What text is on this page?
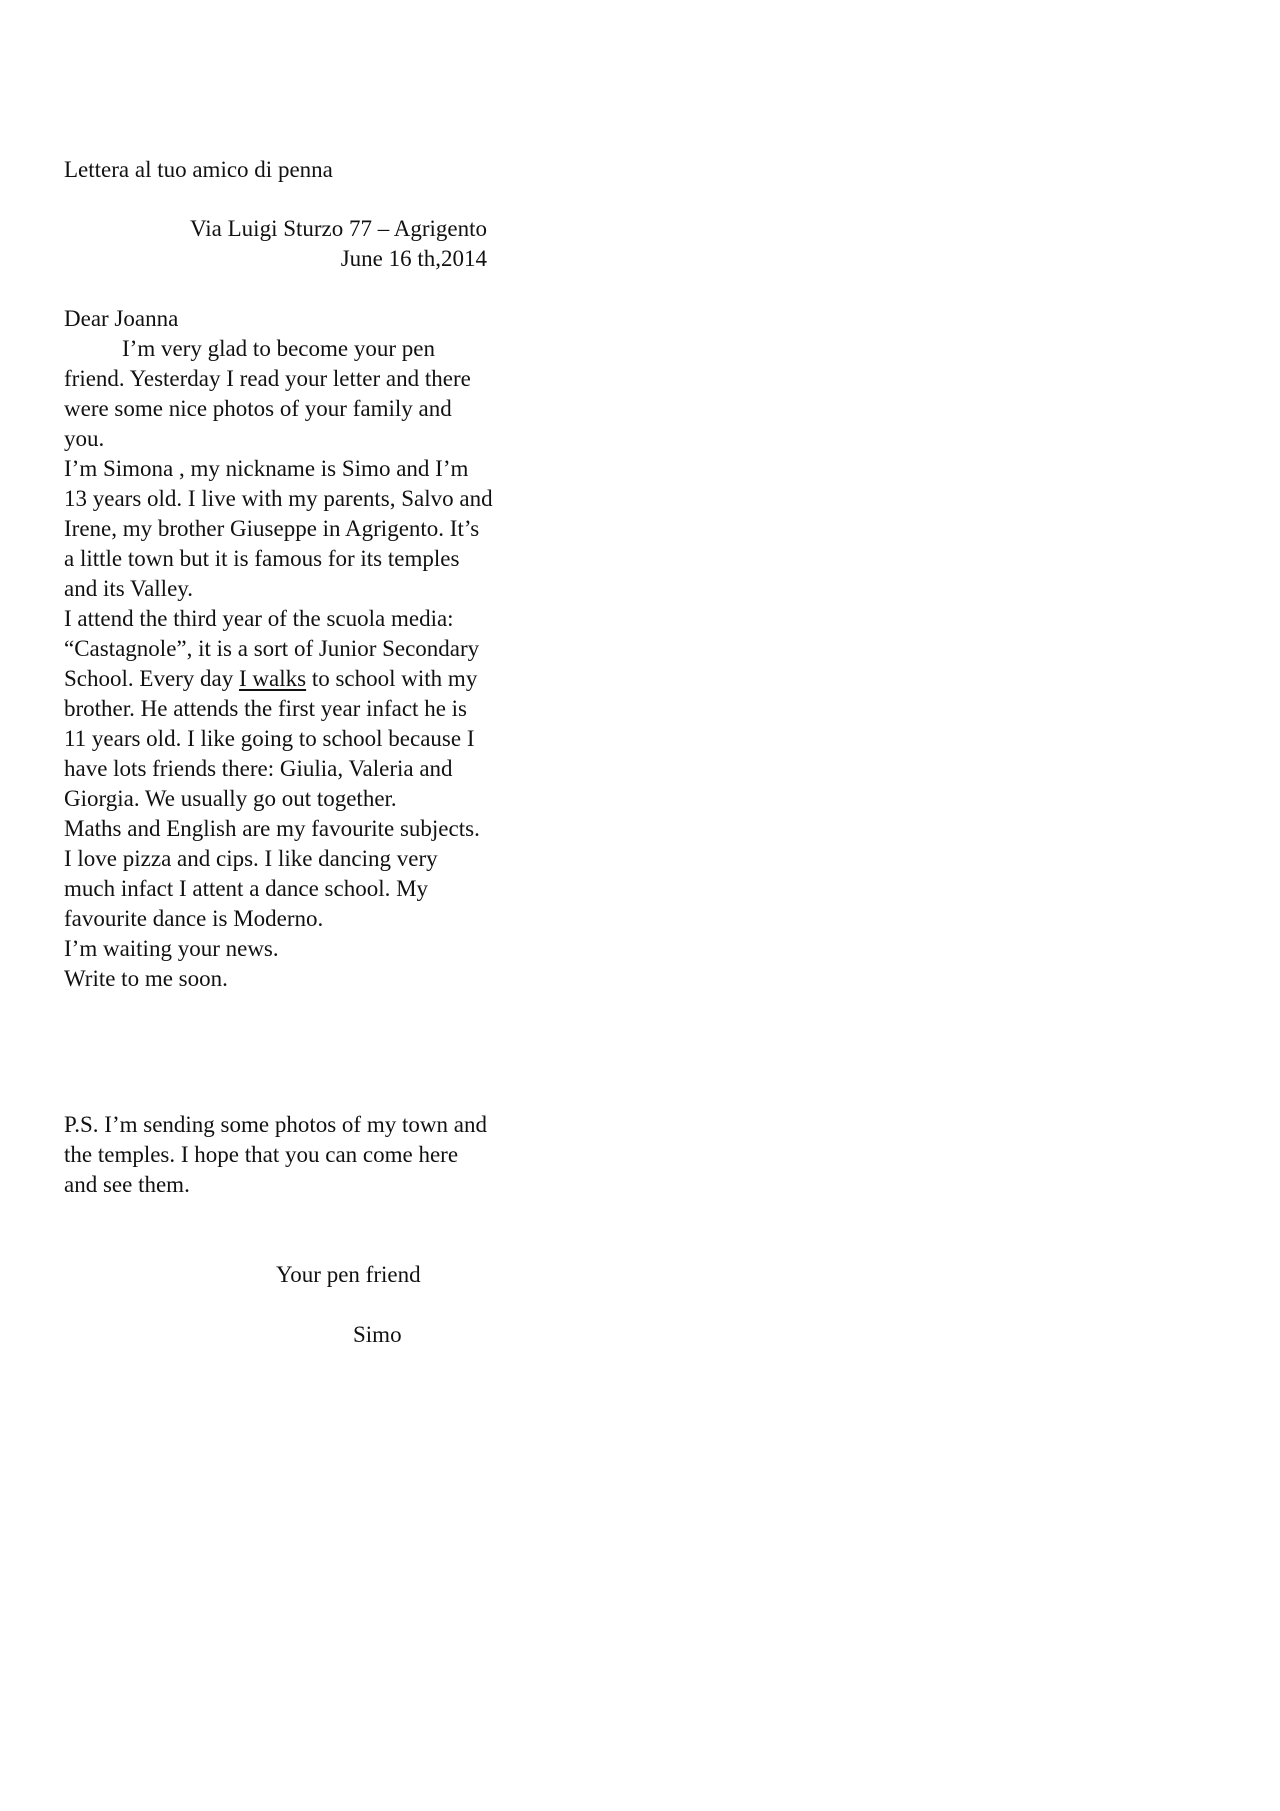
Lettera al tuo amico di penna
Via Luigi Sturzo 77 – Agrigento
June 16 th,2014

Dear Joanna

I’m very glad to become your pen friend. Yesterday I read your letter and there were some nice photos of your family and you.

I’m Simona , my nickname is Simo and I’m 13 years old. I live with my parents, Salvo and Irene, my brother Giuseppe in Agrigento. It’s a little town but it is famous for its temples and its Valley.

I attend the third year of the scuola media: “Castagnole”, it is a sort of Junior Secondary School. Every day I walks to school with my brother. He attends the first year infact he is 11 years old. I like going to school because I have lots friends there: Giulia, Valeria and Giorgia. We usually go out together.

Maths and English are my favourite subjects. I love pizza and cips. I like dancing very much infact I attent a dance school. My favourite dance is Moderno.

I’m waiting your news.

Write to me soon.

P.S. I’m sending some photos of my town and the temples. I hope that you can come here and see them.

Your pen friend
Simo
